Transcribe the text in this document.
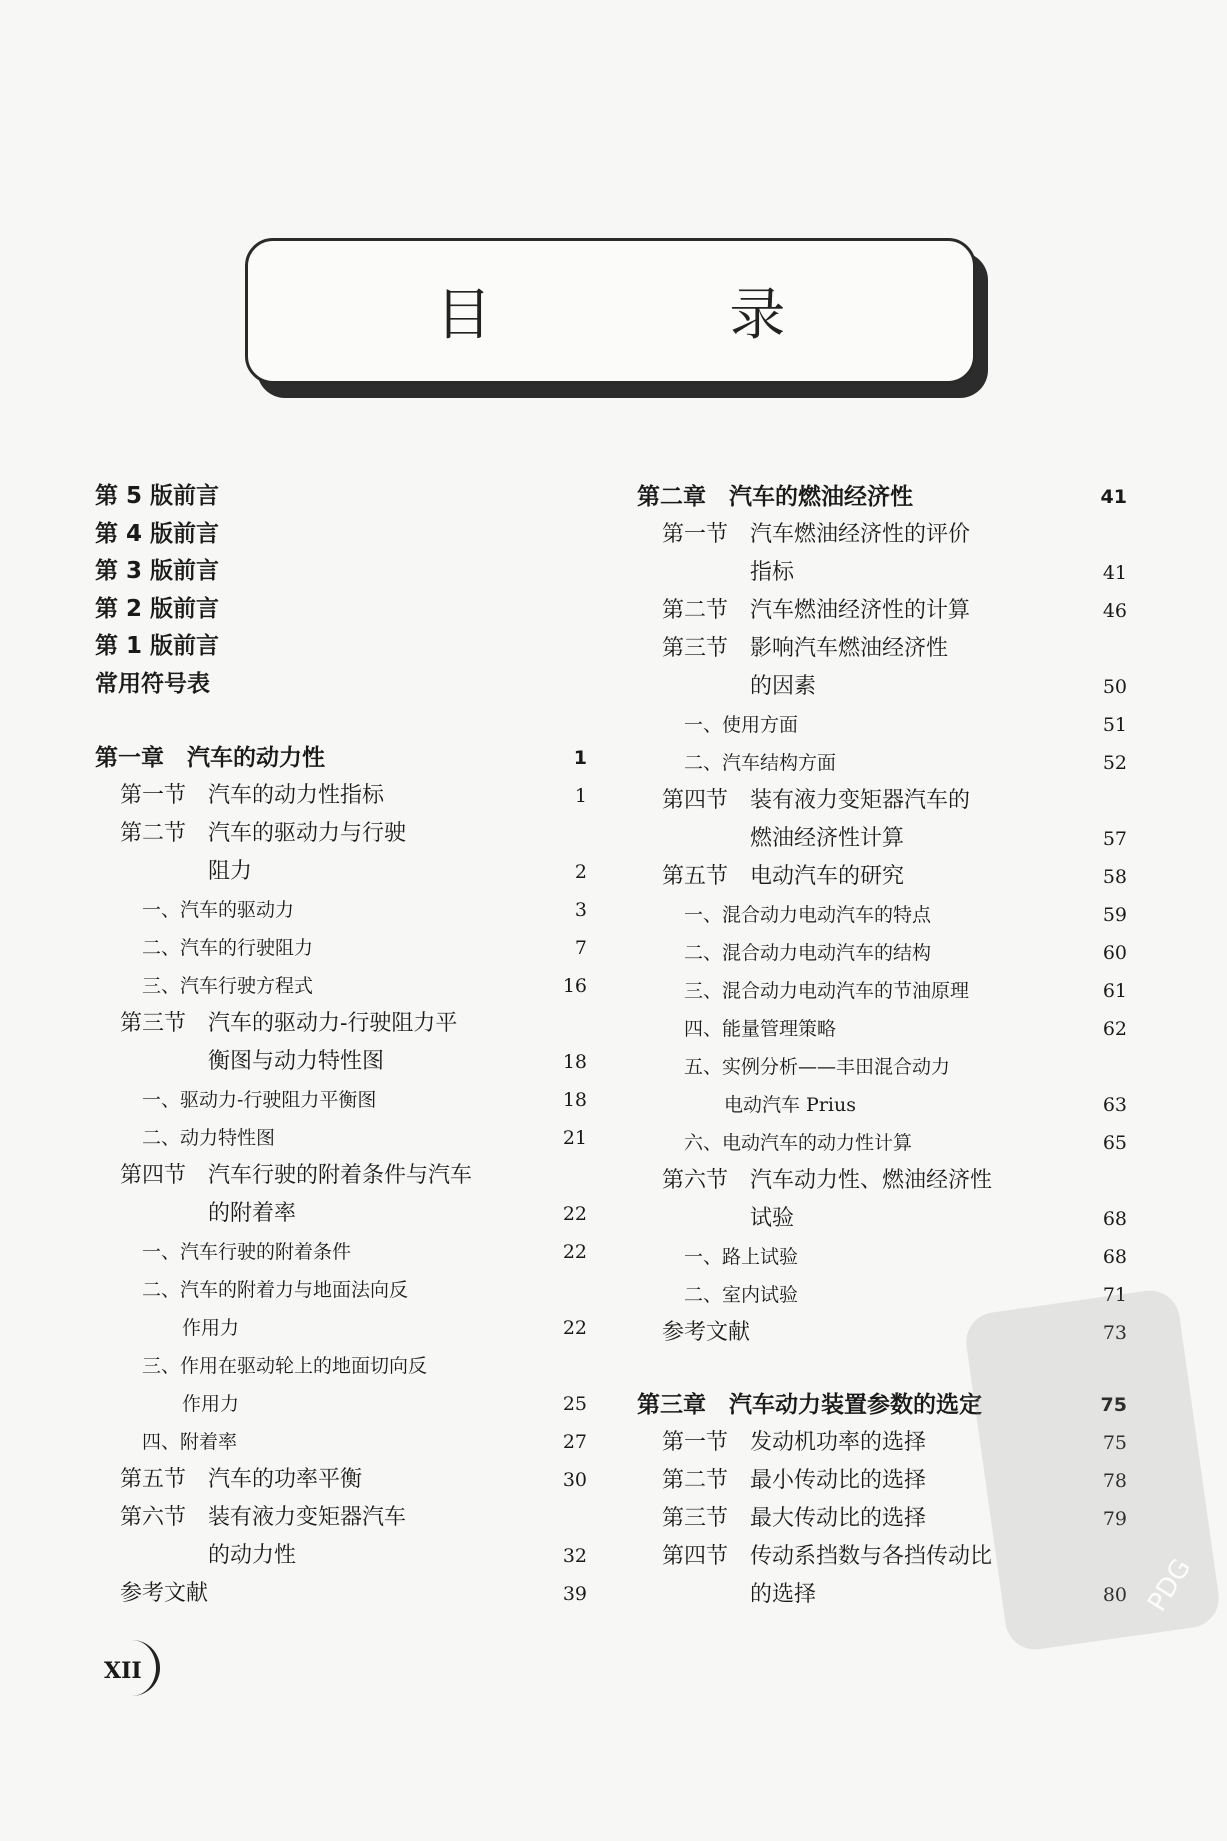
目 录
第 5 版前言
第 4 版前言
第 3 版前言
第 2 版前言
第 1 版前言
常用符号表
第一章 汽车的动力性	1
第一节 汽车的动力性指标	1
第二节 汽车的驱动力与行驶
阻力	2
一、汽车的驱动力	3
二、汽车的行驶阻力	7
三、汽车行驶方程式	16
第三节 汽车的驱动力-行驶阻力平
衡图与动力特性图	18
一、驱动力-行驶阻力平衡图	18
二、动力特性图	21
第四节 汽车行驶的附着条件与汽车
的附着率	22
一、汽车行驶的附着条件	22
二、汽车的附着力与地面法向反
作用力	22
三、作用在驱动轮上的地面切向反
作用力	25
四、附着率	27
第五节 汽车的功率平衡	30
第六节 装有液力变矩器汽车
的动力性	32
参考文献	39
第二章 汽车的燃油经济性	41
第一节 汽车燃油经济性的评价
指标	41
第二节 汽车燃油经济性的计算	46
第三节 影响汽车燃油经济性
的因素	50
一、使用方面	51
二、汽车结构方面	52
第四节 装有液力变矩器汽车的
燃油经济性计算	57
第五节 电动汽车的研究	58
一、混合动力电动汽车的特点	59
二、混合动力电动汽车的结构	60
三、混合动力电动汽车的节油原理	61
四、能量管理策略	62
五、实例分析——丰田混合动力
电动汽车 Prius	63
六、电动汽车的动力性计算	65
第六节 汽车动力性、燃油经济性
试验	68
一、路上试验	68
二、室内试验	71
参考文献	73
第三章 汽车动力装置参数的选定	75
第一节 发动机功率的选择	75
第二节 最小传动比的选择	78
第三节 最大传动比的选择	79
第四节 传动系挡数与各挡传动比
的选择	80
XII
PDG
